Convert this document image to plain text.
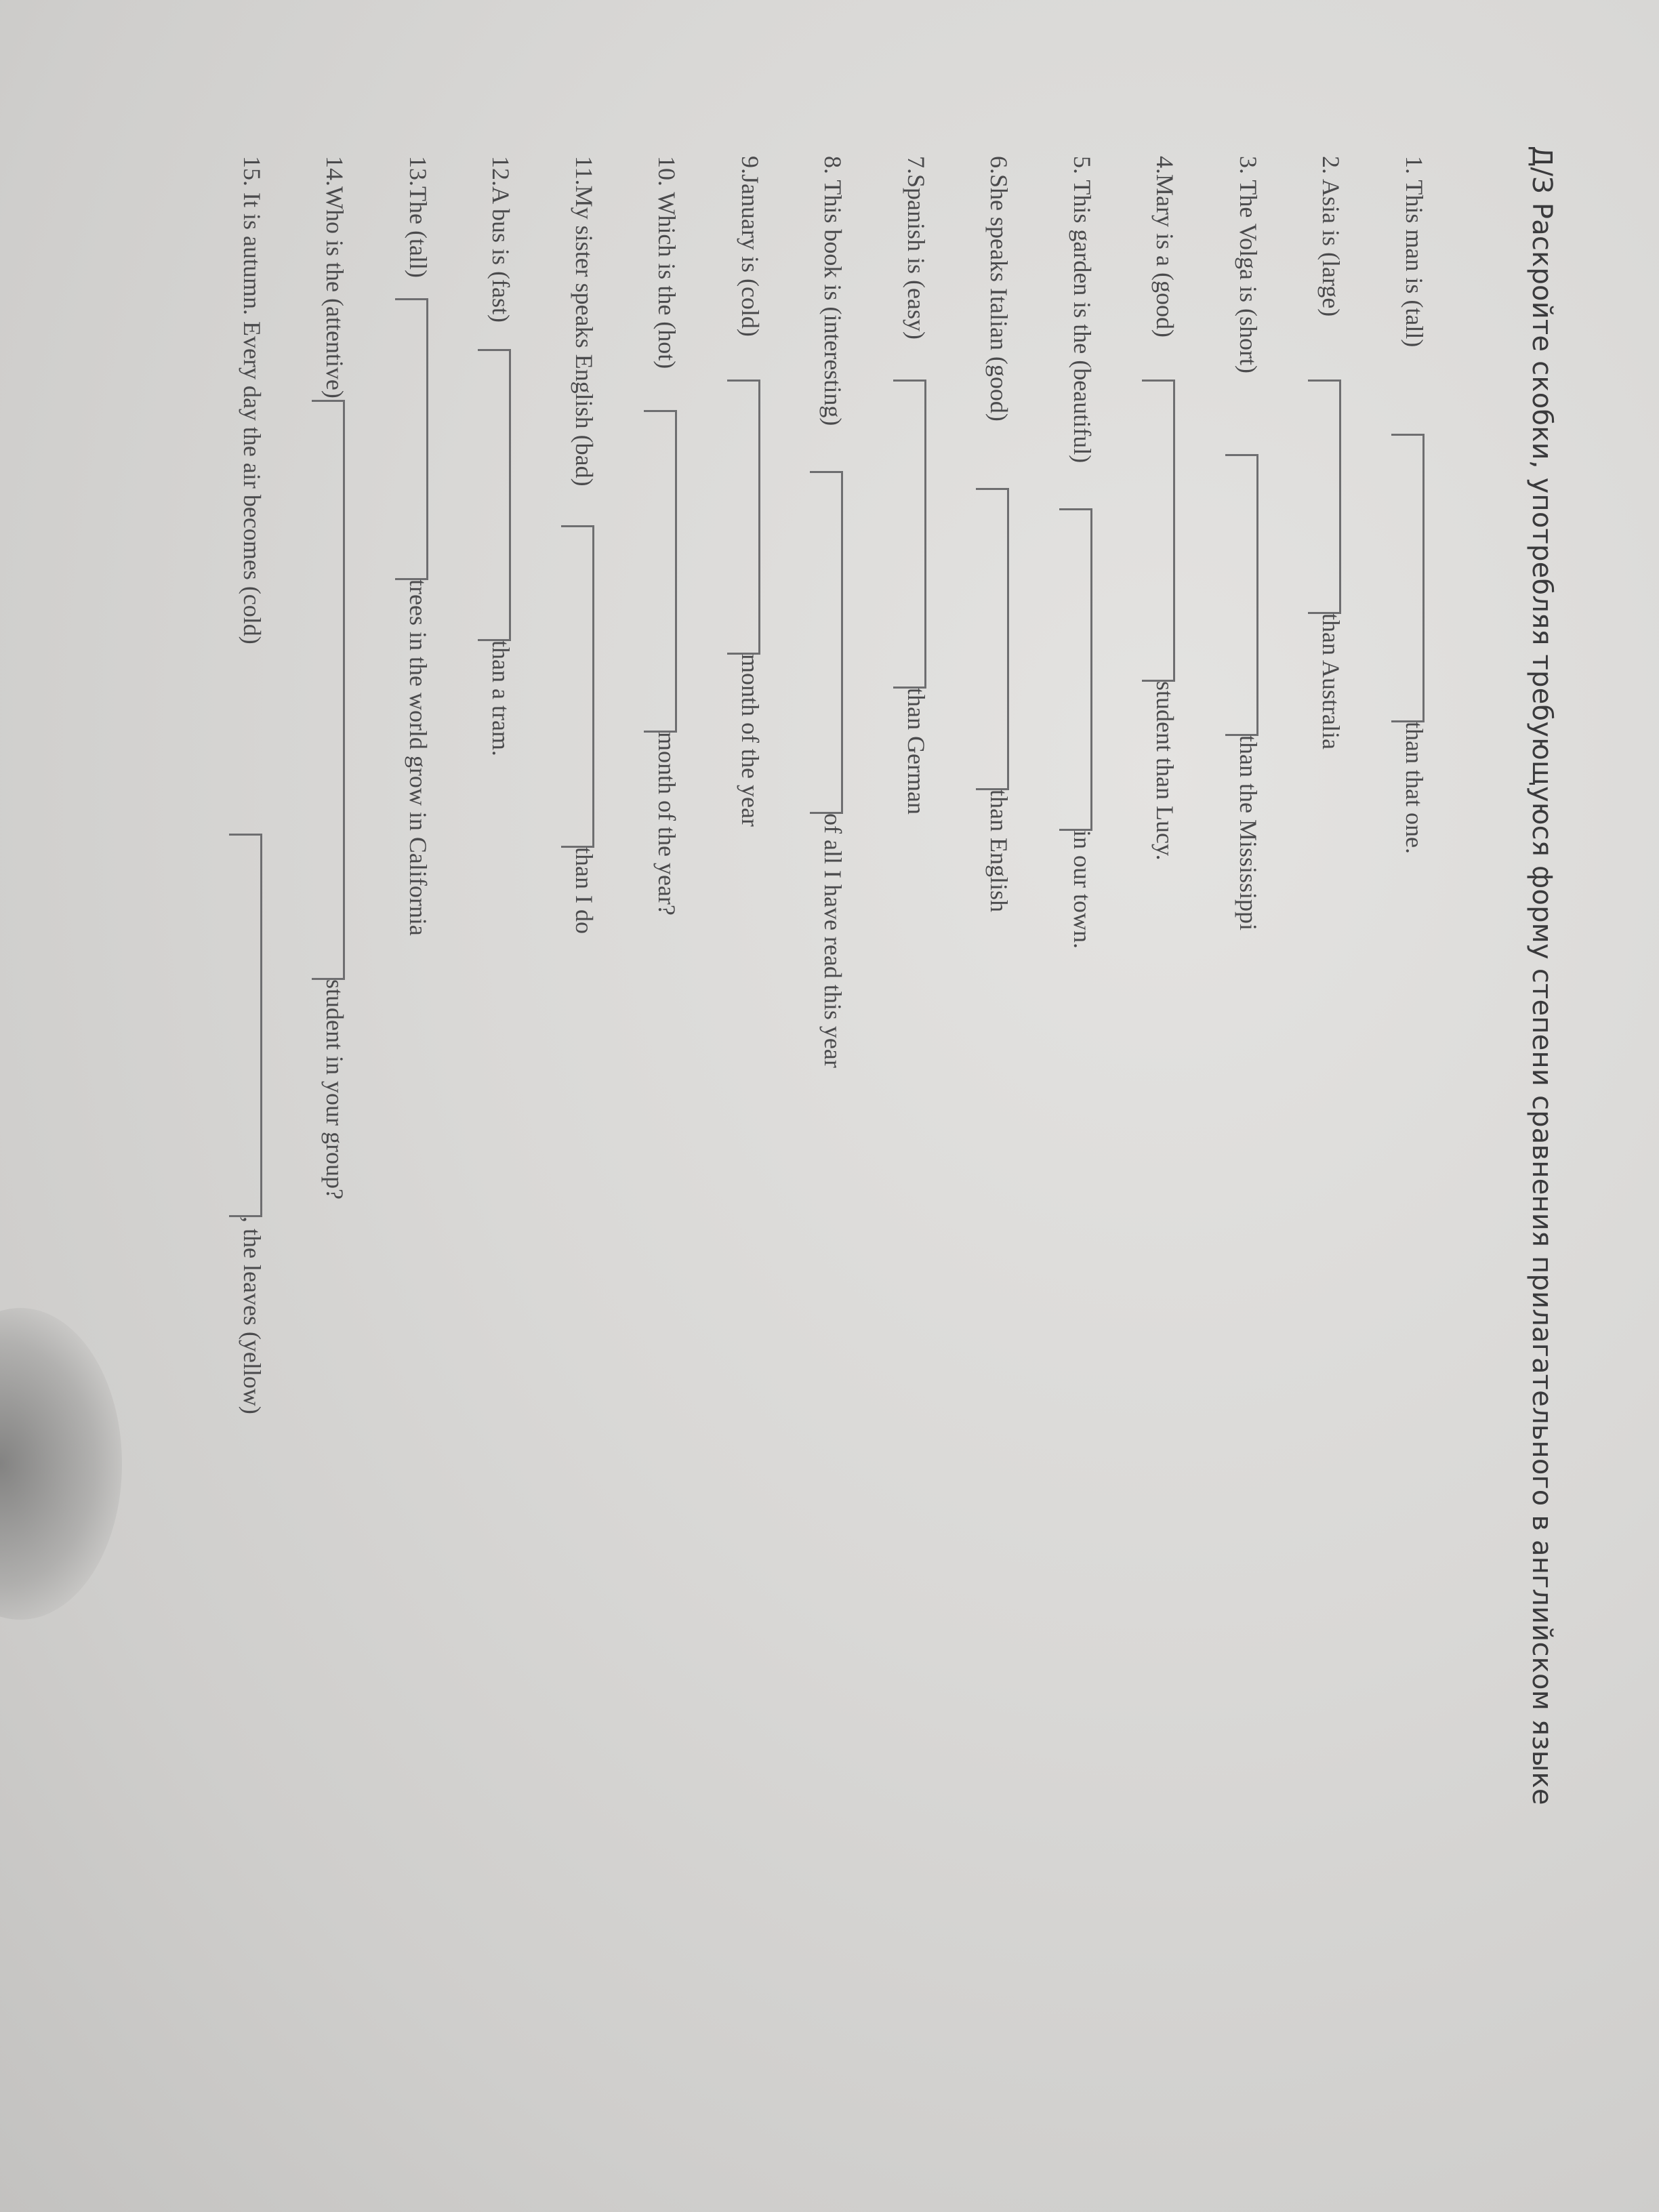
Д/З Раскройте скобки, употребляя требующуюся форму степени сравнения прилагательного в английском языке
1. This man is (tall)
than that one.
2. Asia is (large)
than Australia
3. The Volga is (short)
than the Mississippi
4.Mary is a (good)
student than Lucy.
5. This garden is the (beautiful)
in our town.
6.She speaks Italian (good)
than English
7.Spanish is (easy)
than German
8. This book is (interesting)
of all I have read this year
9.January is (cold)
month of the year
10. Which is the (hot)
month of the year?
11.My sister speaks English (bad)
than I do
12.A bus is (fast)
than a tram.
13.The (tall)
trees in the world grow in California
14.Who is the (attentive)
student in your group?
15. It is autumn. Every day the air becomes (cold)
, the leaves (yellow)
